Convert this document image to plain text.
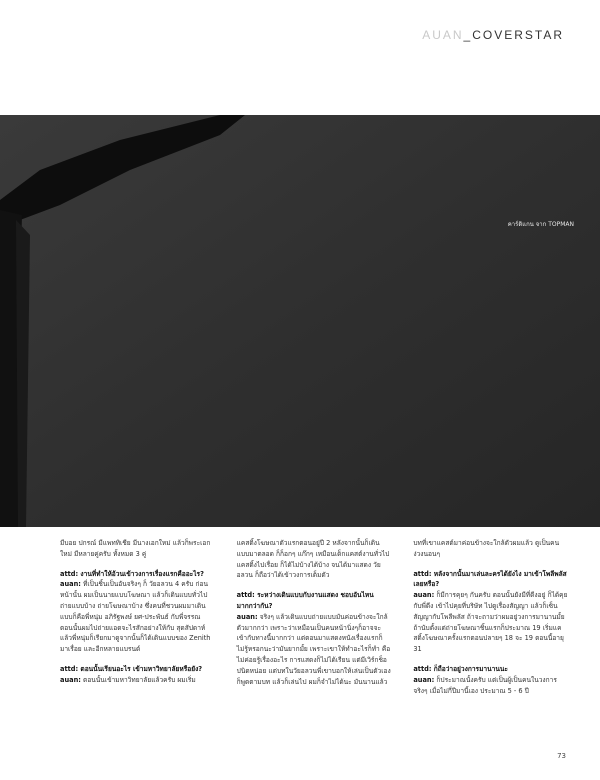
AUAN_COVERSTAR
คาร์ดิแกน จาก TOPMAN

มีบอย ปกรณ์ มีแพททิเชีย มีนางเอกใหม่ แล้วก็พระเอกใหม่ มีหลายคู่ครับ ทั้งหมด 3 คู่

attd: งานที่ทำให้อ้วนเข้าวงการเรื่องแรกคืออะไร?
auan: ที่เป็นชิ้นเป็นอันจริงๆ ก็ วัยอลวน 4 ครับ ก่อนหน้านั้น ผมเป็นนายแบบโฆษณา แล้วก็เดินแบบทั่วไป ถ่ายแบบบ้าง ถ่ายโฆษณาบ้าง ซึ่งคนที่ชวนผมมาเดินแบบก็คือพี่หนุ่ม อภิรัฐพงษ์ ยศ-ประพันธ์ กับพี่จรรณ ตอนนั้นผมไปถ่ายแอดจะไรสักอย่างให้กับ สุดสัปดาห์ แล้วพี่หนุ่มก็เรียกมาดูจากนั้นก็ได้เดินแบบของ Zenith มาเรื่อย และอีกหลายแบรนด์

attd: ตอนนั้นเรียนอะไร เข้ามหาวิทยาลัยหรือยัง?
auan: ตอนนั้นเข้ามหาวิทยาลัยแล้วครับ ผมเริ่ม

แคสติ้งโฆษณาตัวแรกตอนอยู่ปี 2 หลังจากนั้นก็เดินแบบมาตลอด ก็ก็อกๆ แก๊กๆ เหมือนเด็กแคสต์งานทั่วไป แคสติ้งไปเรื่อย ก็ได้ไม่บ้างได้บ้าง จนได้มาแสดง วัยอลวน ก็ถือว่าได้เข้าวงการเต็มตัว

attd: ระหว่างเดินแบบกับงานแสดง ชอบอันไหนมากกว่ากัน?
auan: จริงๆ แล้วเดินแบบถ่ายแบบมันค่อนข้างจะใกล้ตัวมากกว่า เพราะว่าเหมือนเป็นคนหน้านิ่งๆก็อาจจะเข้ากับทางนี้มากกว่า แต่ตอนมาแสดงหนังเรื่องแรกก็ไม่รู้หรอกนะว่ามันยากมั้ย เพราะเขาให้ทำอะไรก็ทำ คือไม่ค่อยรู้เรื่องอะไร การแสดงก็ไม่ได้เรียน แต่มีเวิร์กช็อปนิดหน่อย แต่บทในวัยอลวนพี่เขาบอกให้เล่นเป็นตัวเอง ก็พูดตามบท แล้วก็เล่นไป ผมก็จำไม่ได้นะ มันนานแล้ว

บทที่เขาแคสต์มาค่อนข้างจะใกล้ตัวผมแล้ว ดูเป็นคนง่วงนอนๆ

attd: หลังจากนั้นมาเล่นละครได้ยังไง มาเข้าโพลีพลัสเลยหรือ?
auan: ก็มีการคุยๆ กันครับ ตอนนั้นยังมีที่ดีงอยู่ ก็ได้คุยกับพี่ดีง เข้าไปคุยที่บริษัท ไปดูเรื่องสัญญา แล้วก็เซ็นสัญญากับโพลีพลัส ถ้าจะถามว่าผมอยู่วงการมานานมั้ย ถ้านับตั้งแต่ถ่ายโฆษณาชิ้นแรกก็ประมาณ 19 เริ่มแคสติ้งโฆษณาครั้งแรกตอนปลายๆ 18 จะ 19 ตอนนี้อายุ 31

attd: ก็ถือว่าอยู่วงการมานานนะ
auan: ก็ประมาณนั้งครับ แต่เป็นผู้เป็นคนในวงการจริงๆ เมื่อไม่กี่ปีมานี้เอง ประมาณ 5 - 6 ปี

73
